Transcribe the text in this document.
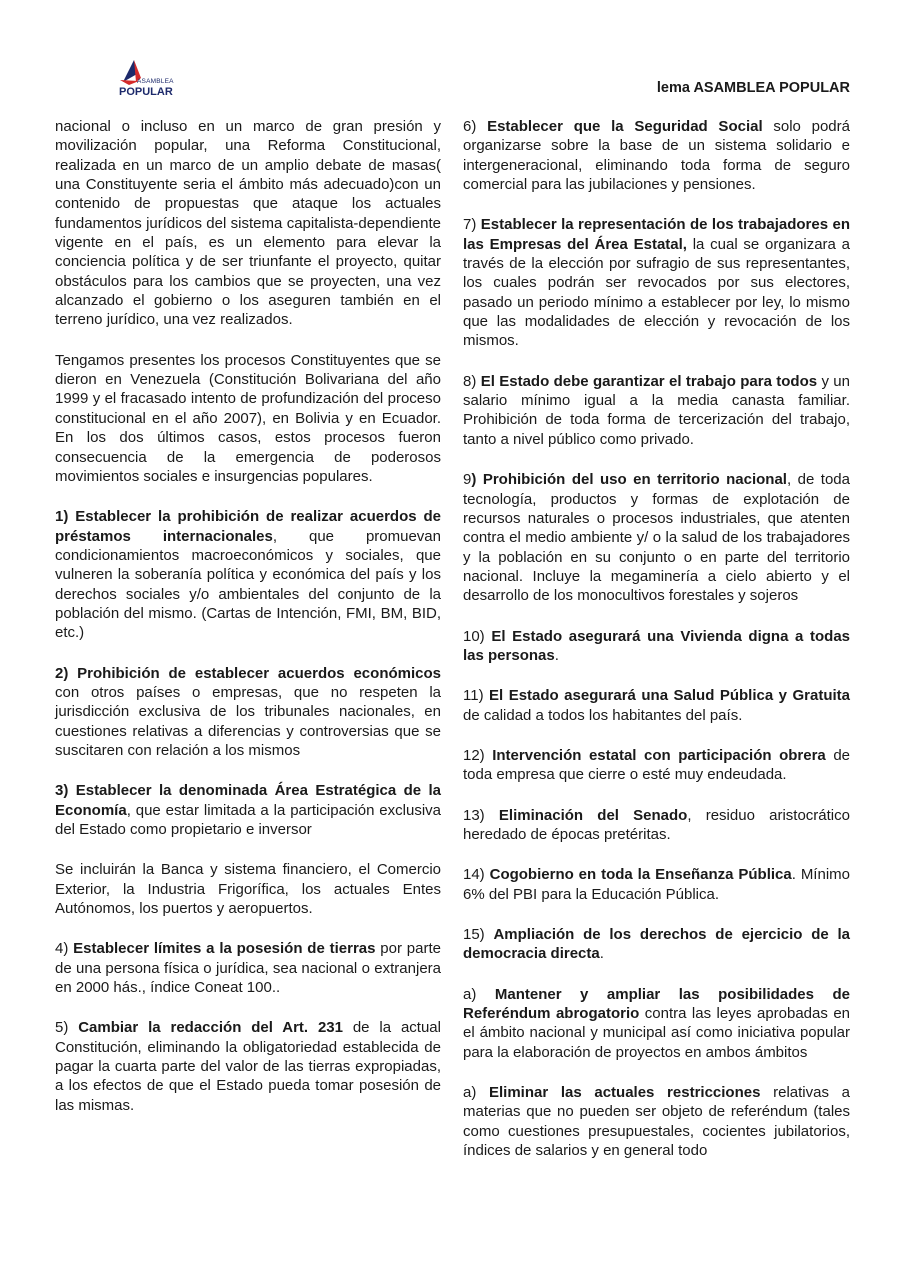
ASAMBLEA
POPULAR	lema ASAMBLEA POPULAR

nacional o incluso en un marco de gran presión y movilización popular, una Reforma Constitucional, realizada en un marco de un amplio debate de masas( una Constituyente seria el ámbito más adecuado)con un contenido de propuestas que ataque los actuales fundamentos jurídicos del sistema capitalista-dependiente vigente en el país, es un elemento para elevar la conciencia política y de ser triunfante el proyecto, quitar obstáculos para los cambios que se proyecten, una vez alcanzado el gobierno o los aseguren también en el terreno jurídico, una vez realizados.

Tengamos presentes los procesos Constituyentes que se dieron en Venezuela (Constitución Bolivariana del año 1999 y el fracasado intento de profundización del proceso constitucional en el año 2007), en Bolivia y en Ecuador. En los dos últimos casos, estos procesos fueron consecuencia de la emergencia de poderosos movimientos sociales e insurgencias populares.

1) Establecer la prohibición de realizar acuerdos de préstamos internacionales, que promuevan condicionamientos macroeconómicos y sociales, que vulneren la soberanía política y económica del país y los derechos sociales y/o ambientales del conjunto de la población del mismo. (Cartas de Intención, FMI, BM, BID, etc.)

2) Prohibición de establecer acuerdos económicos con otros países o empresas, que no respeten la jurisdicción exclusiva de los tribunales nacionales, en cuestiones relativas a diferencias y controversias que se suscitaren con relación a los mismos

3) Establecer la denominada Área Estratégica de la Economía, que estar limitada a la participación exclusiva del Estado como propietario e inversor

Se incluirán la Banca y sistema financiero, el Comercio Exterior, la Industria Frigorífica, los actuales Entes Autónomos, los puertos y aeropuertos.

4) Establecer límites a la posesión de tierras por parte de una persona física o jurídica, sea nacional o extranjera en 2000 hás., índice Coneat 100..

5) Cambiar la redacción del Art. 231 de la actual Constitución, eliminando la obligatoriedad establecida de pagar la cuarta parte del valor de las tierras expropiadas, a los efectos de que el Estado pueda tomar posesión de las mismas.

6) Establecer que la Seguridad Social solo podrá organizarse sobre la base de un sistema solidario e intergeneracional, eliminando toda forma de seguro comercial para las jubilaciones y pensiones.

7) Establecer la representación de los trabajadores en las Empresas del Área Estatal, la cual se organizara a través de la elección por sufragio de sus representantes, los cuales podrán ser revocados por sus electores, pasado un periodo mínimo a establecer por ley, lo mismo que las modalidades de elección y revocación de los mismos.

8) El Estado debe garantizar el trabajo para todos y un salario mínimo igual a la media canasta familiar. Prohibición de toda forma de tercerización del trabajo, tanto a nivel público como privado.

9) Prohibición del uso en territorio nacional, de toda tecnología, productos y formas de explotación de recursos naturales o procesos industriales, que atenten contra el medio ambiente y/ o la salud de los trabajadores y la población en su conjunto o en parte del territorio nacional. Incluye la megaminería a cielo abierto y el desarrollo de los monocultivos forestales y sojeros

10) El Estado asegurará una Vivienda digna a todas las personas.

11) El Estado asegurará una Salud Pública y Gratuita de calidad a todos los habitantes del país.

12) Intervención estatal con participación obrera de toda empresa que cierre o esté muy endeudada.

13) Eliminación del Senado, residuo aristocrático heredado de épocas pretéritas.

14) Cogobierno en toda la Enseñanza Pública. Mínimo 6% del PBI para la Educación Pública.

15) Ampliación de los derechos de ejercicio de la democracia directa.

a) Mantener y ampliar las posibilidades de Referéndum abrogatorio contra las leyes aprobadas en el ámbito nacional y municipal así como iniciativa popular para la elaboración de proyectos en ambos ámbitos

a) Eliminar las actuales restricciones relativas a materias que no pueden ser objeto de referéndum (tales como cuestiones presupuestales, cocientes jubilatorios, índices de salarios y en general todo
